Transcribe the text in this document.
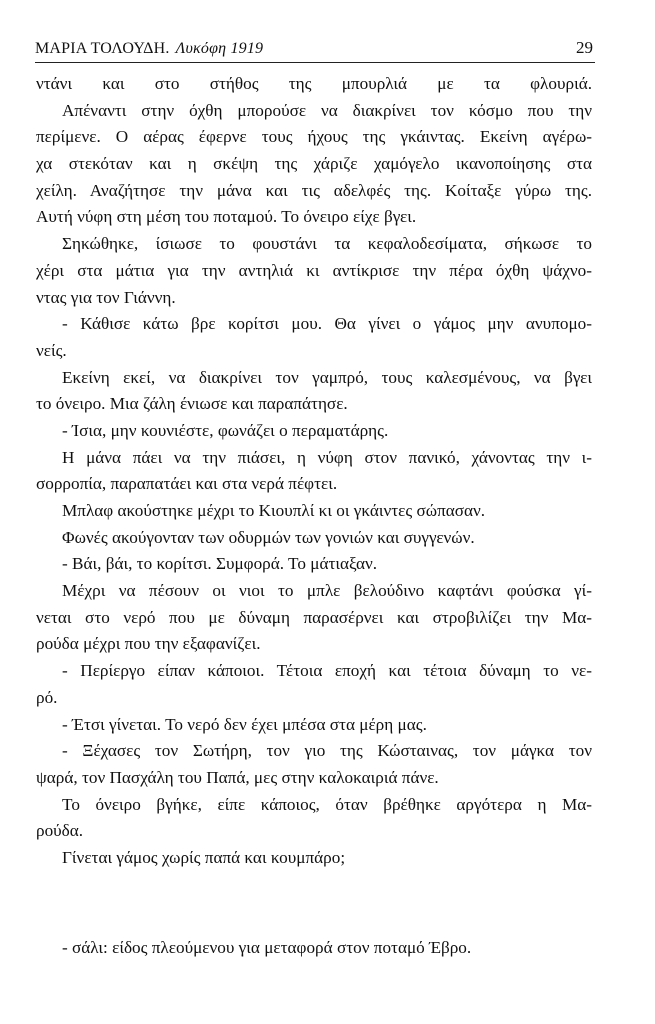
ΜΑΡΙΑ ΤΟΛΟΥΔΗ. Λυκόφη 1919	29
ντάνι και στο στήθος της μπουρλιά με τα φλουριά.
Απέναντι στην όχθη μπορούσε να διακρίνει τον κόσμο που την
περίμενε. Ο αέρας έφερνε τους ήχους της γκάιντας. Εκείνη αγέρω-
χα στεκόταν και η σκέψη της χάριζε χαμόγελο ικανοποίησης στα
χείλη. Αναζήτησε την μάνα και τις αδελφές της. Κοίταξε γύρω της.
Αυτή νύφη στη μέση του ποταμού. Το όνειρο είχε βγει.
Σηκώθηκε, ίσιωσε το φουστάνι τα κεφαλοδεσίματα, σήκωσε το
χέρι στα μάτια για την αντηλιά κι αντίκρισε την πέρα όχθη ψάχνο-
ντας για τον Γιάννη.
- Κάθισε κάτω βρε κορίτσι μου. Θα γίνει ο γάμος μην ανυπομο-
νείς.
Εκείνη εκεί, να διακρίνει τον γαμπρό, τους καλεσμένους, να βγει
το όνειρο. Μια ζάλη ένιωσε και παραπάτησε.
- Ίσια, μην κουνιέστε, φωνάζει ο περαματάρης.
Η μάνα πάει να την πιάσει, η νύφη στον πανικό, χάνοντας την ι-
σορροπία, παραπατάει και στα νερά πέφτει.
Μπλαφ ακούστηκε μέχρι το Κιουπλί κι οι γκάιντες σώπασαν.
Φωνές ακούγονταν των οδυρμών των γονιών και συγγενών.
- Βάι, βάι, το κορίτσι. Συμφορά. Το μάτιαξαν.
Μέχρι να πέσουν οι νιοι το μπλε βελούδινο καφτάνι φούσκα γί-
νεται στο νερό που με δύναμη παρασέρνει και στροβιλίζει την Μα-
ρούδα μέχρι που την εξαφανίζει.
- Περίεργο είπαν κάποιοι. Τέτοια εποχή και τέτοια δύναμη το νε-
ρό.
- Έτσι γίνεται. Το νερό δεν έχει μπέσα στα μέρη μας.
- Ξέχασες τον Σωτήρη, τον γιο της Κώσταινας, τον μάγκα τον
ψαρά, τον Πασχάλη του Παπά, μες στην καλοκαιριά πάνε.
Το όνειρο βγήκε, είπε κάποιος, όταν βρέθηκε αργότερα η Μα-
ρούδα.
Γίνεται γάμος χωρίς παπά και κουμπάρο;
- σάλι: είδος πλεούμενου για μεταφορά στον ποταμό Έβρο.
